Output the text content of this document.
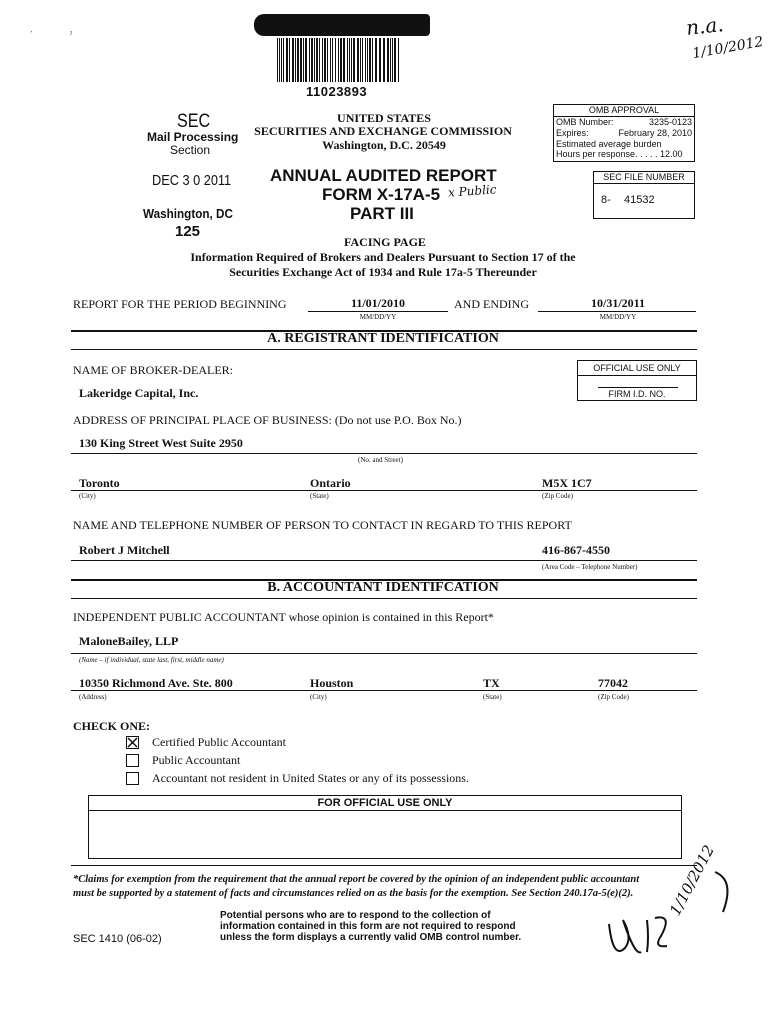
11023893
n.a.
1/10/2012
᾿	ˀ
SEC
Mail Processing
Section
DEC 3 0 2011
Washington, DC
125
UNITED STATES
SECURITIES AND EXCHANGE COMMISSION
Washington, D.C. 20549
OMB APPROVAL
OMB Number:	3235-0123
Expires:	February 28, 2010
Estimated average burden
Hours per response. . . . . 12.00
ANNUAL AUDITED REPORT
FORM X-17A-5 x Public
PART III
SEC FILE NUMBER
8- 41532
FACING PAGE
Information Required of Brokers and Dealers Pursuant to Section 17 of the
Securities Exchange Act of 1934 and Rule 17a-5 Thereunder
REPORT FOR THE PERIOD BEGINNING	11/01/2010
MM/DD/YY
AND ENDING	10/31/2011
MM/DD/YY
A. REGISTRANT IDENTIFICATION
NAME OF BROKER-DEALER:
Lakeridge Capital, Inc.
OFFICIAL USE ONLY
FIRM I.D. NO.
ADDRESS OF PRINCIPAL PLACE OF BUSINESS: (Do not use P.O. Box No.)
130 King Street West Suite 2950
(No. and Street)
Toronto	Ontario	M5X 1C7
(City)	(State)	(Zip Code)
NAME AND TELEPHONE NUMBER OF PERSON TO CONTACT IN REGARD TO THIS REPORT
Robert J Mitchell	416-867-4550
(Area Code – Telephone Number)
B. ACCOUNTANT IDENTIFCATION
INDEPENDENT PUBLIC ACCOUNTANT whose opinion is contained in this Report*
MaloneBailey, LLP
(Name – if individual, state last, first, middle name)
10350 Richmond Ave. Ste. 800	Houston	TX	77042
(Address)	(City)	(State)	(Zip Code)
CHECK ONE:
Certified Public Accountant
Public Accountant
Accountant not resident in United States or any of its possessions.
FOR OFFICIAL USE ONLY
*Claims for exemption from the requirement that the annual report be covered by the opinion of an independent public accountant
must be supported by a statement of facts and circumstances relied on as the basis for the exemption. See Section 240.17a-5(e)(2).
SEC 1410 (06-02)
Potential persons who are to respond to the collection of
information contained in this form are not required to respond
unless the form displays a currently valid OMB control number.
1/10/2012
